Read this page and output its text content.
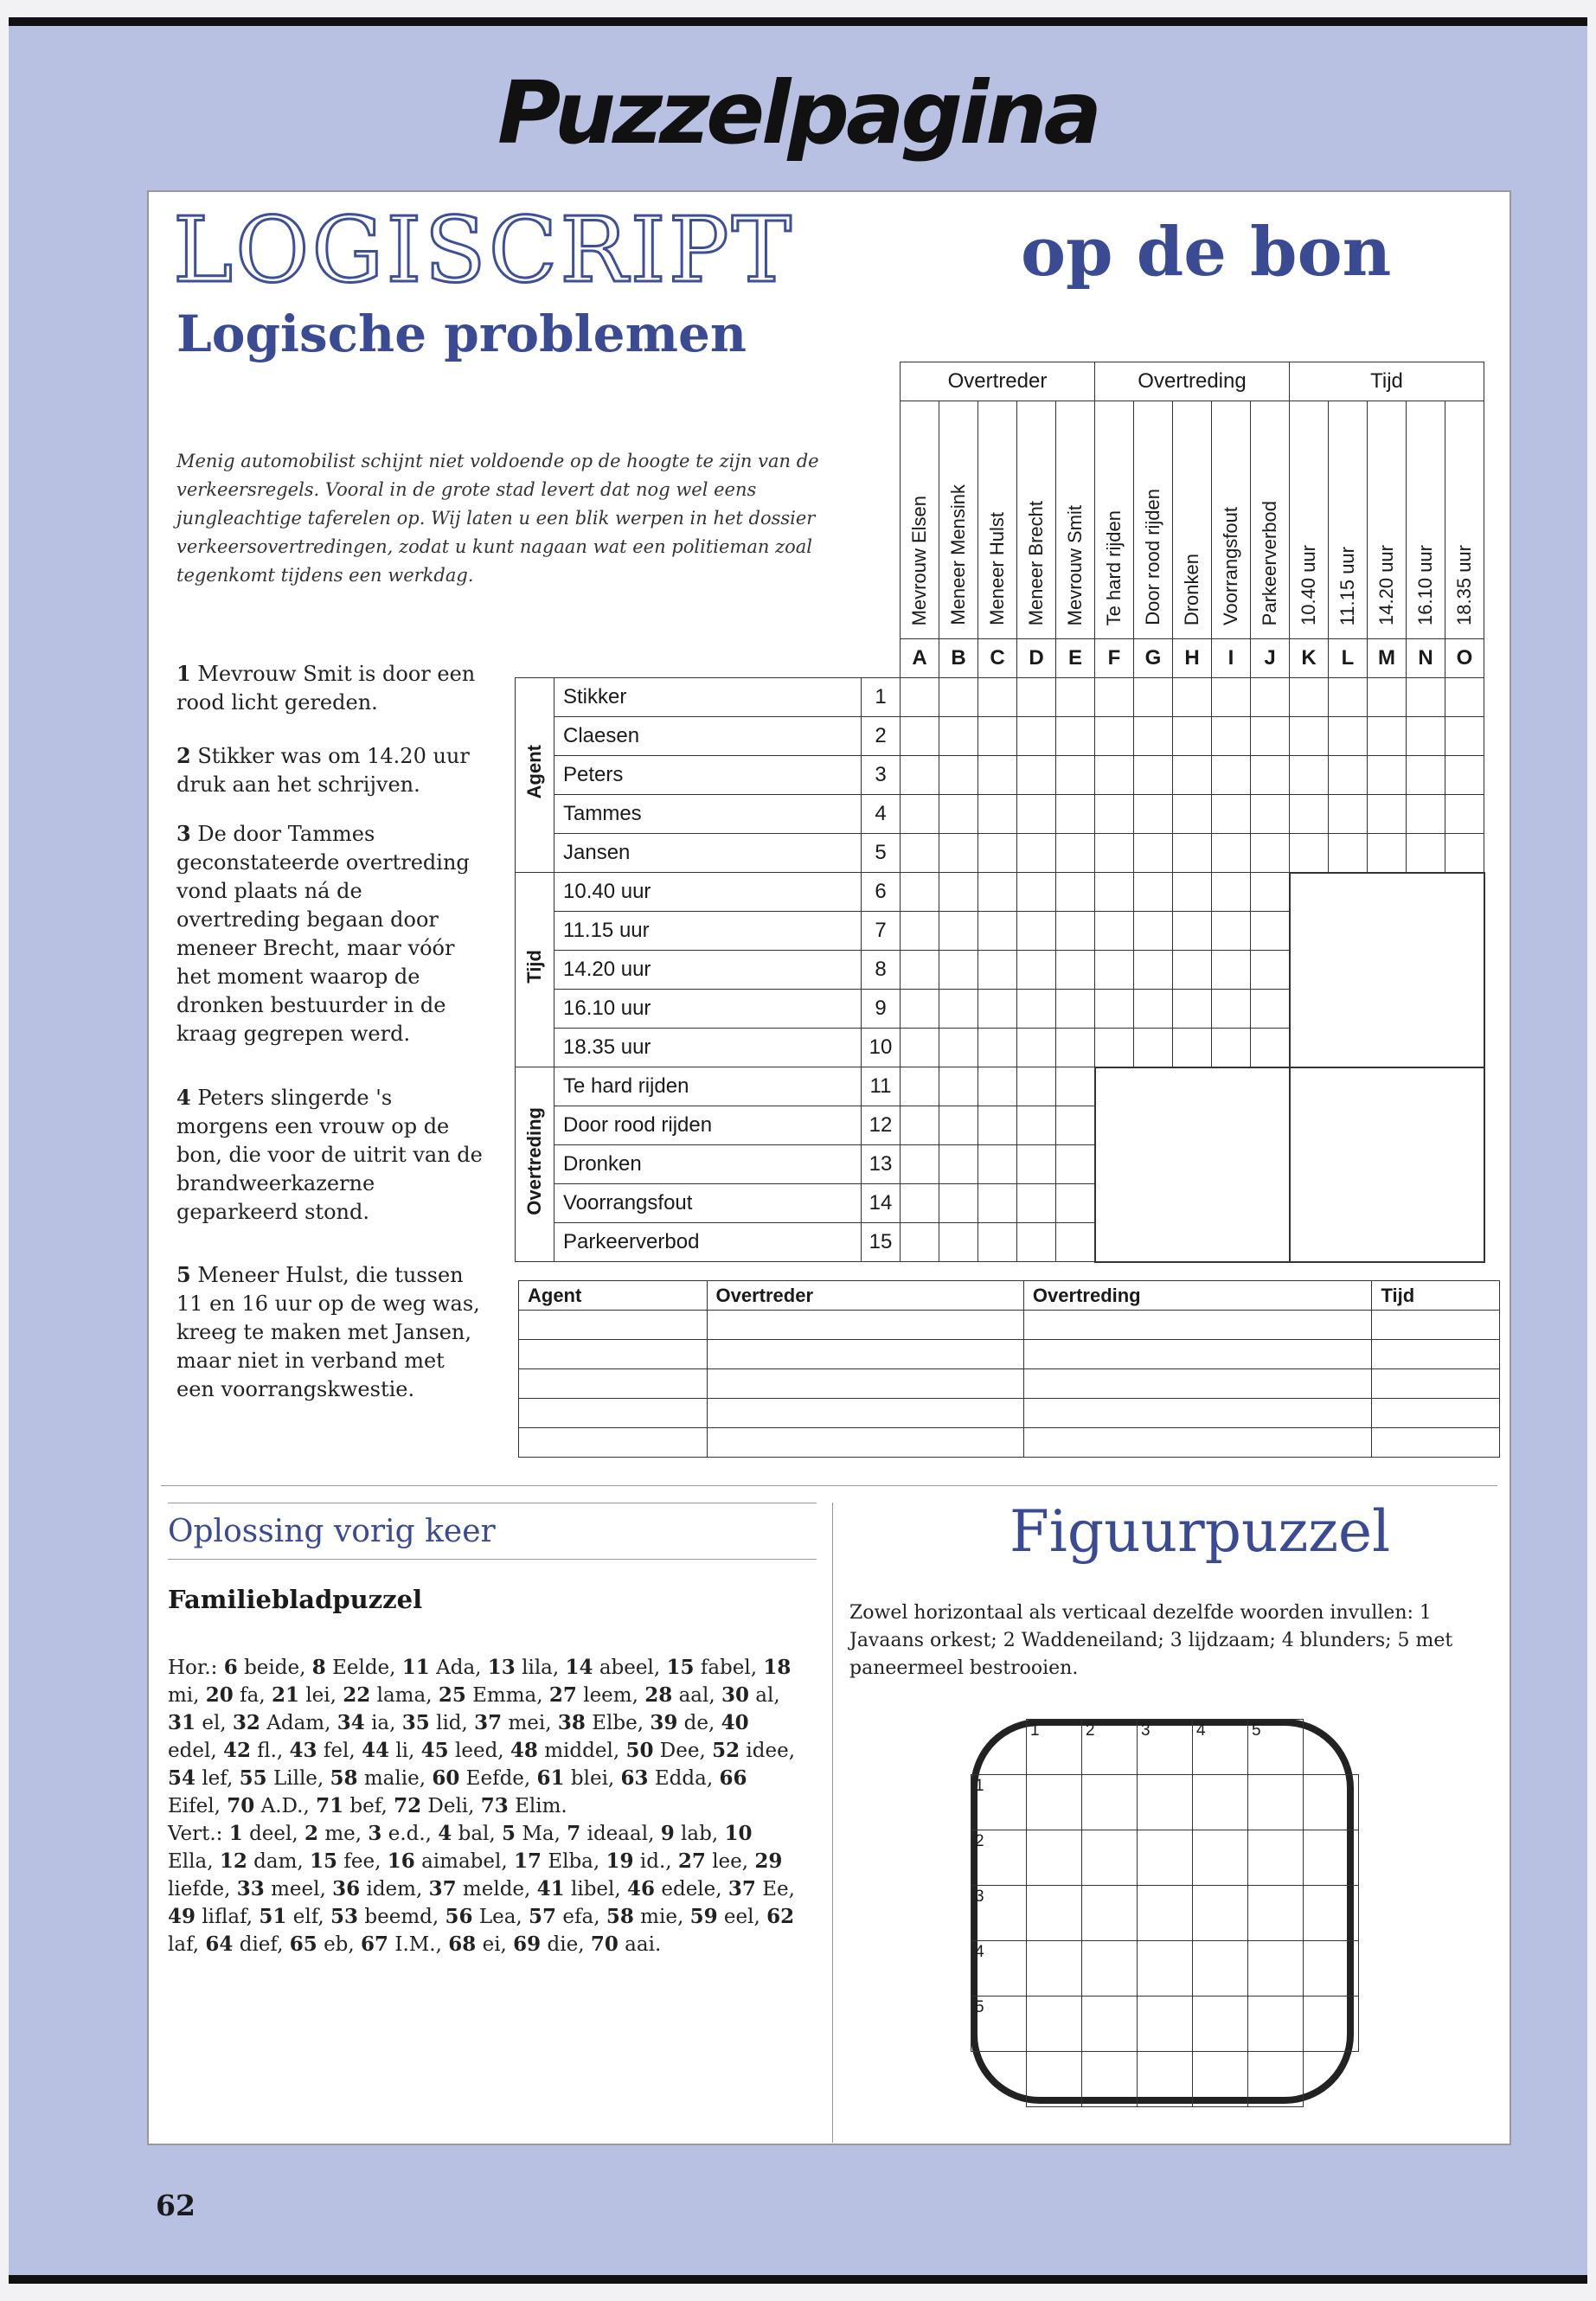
Puzzelpagina
LOGISCRIPT
Logische problemen
op de bon
Menig automobilist schijnt niet voldoende op de hoogte te zijn van de verkeersregels. Vooral in de grote stad levert dat nog wel eens jungleachtige taferelen op. Wij laten u een blik werpen in het dossier verkeersovertredingen, zodat u kunt nagaan wat een politieman zoal tegenkomt tijdens een werkdag.
1 Mevrouw Smit is door een rood licht gereden.
2 Stikker was om 14.20 uur druk aan het schrijven.
3 De door Tammes geconstateerde overtreding vond plaats ná de overtreding begaan door meneer Brecht, maar vóór het moment waarop de dronken bestuurder in de kraag gegrepen werd.
4 Peters slingerde 's morgens een vrouw op de bon, die voor de uitrit van de brandweerkazerne geparkeerd stond.
5 Meneer Hulst, die tussen 11 en 16 uur op de weg was, kreeg te maken met Jansen, maar niet in verband met een voorrangskwestie.
			Overtreder					Overtreding					Tijd				
			Mevrouw Elsen	Meneer Mensink	Meneer Hulst	Meneer Brecht	Mevrouw Smit	Te hard rijden	Door rood rijden	Dronken	Voorrangsfout	Parkeerverbod	10.40 uur	11.15 uur	14.20 uur	16.10 uur	18.35 uur
			A	B	C	D	E	F	G	H	I	J	K	L	M	N	O
Agent	Stikker	1															
	Claesen	2															
	Peters	3															
	Tammes	4															
	Jansen	5															
Tijd	10.40 uur	6															
	11.15 uur	7															
	14.20 uur	8															
	16.10 uur	9															
	18.35 uur	10															
Overtreding	Te hard rijden	11															
	Door rood rijden	12															
	Dronken	13															
	Voorrangsfout	14															
	Parkeerverbod	15															
Agent	Overtreder	Overtreding	Tijd

Oplossing vorig keer
Familiebladpuzzel
Hor.: 6 beide, 8 Eelde, 11 Ada, 13 lila, 14 abeel, 15 fabel, 18 mi, 20 fa, 21 lei, 22 lama, 25 Emma, 27 leem, 28 aal, 30 al, 31 el, 32 Adam, 34 ia, 35 lid, 37 mei, 38 Elbe, 39 de, 40 edel, 42 fl., 43 fel, 44 li, 45 leed, 48 middel, 50 Dee, 52 idee, 54 lef, 55 Lille, 58 malie, 60 Eefde, 61 blei, 63 Edda, 66 Eifel, 70 A.D., 71 bef, 72 Deli, 73 Elim.
Vert.: 1 deel, 2 me, 3 e.d., 4 bal, 5 Ma, 7 ideaal, 9 lab, 10 Ella, 12 dam, 15 fee, 16 aimabel, 17 Elba, 19 id., 27 lee, 29 liefde, 33 meel, 36 idem, 37 melde, 41 libel, 46 edele, 37 Ee, 49 liflaf, 51 elf, 53 beemd, 56 Lea, 57 efa, 58 mie, 59 eel, 62 laf, 64 dief, 65 eb, 67 I.M., 68 ei, 69 die, 70 aai.
Figuurpuzzel
Zowel horizontaal als verticaal dezelfde woorden invullen: 1 Javaans orkest; 2 Waddeneiland; 3 lijdzaam; 4 blunders; 5 met paneermeel bestrooien.
	1	2	3	4	5	
1						
2						
3						
4						
5						

62
